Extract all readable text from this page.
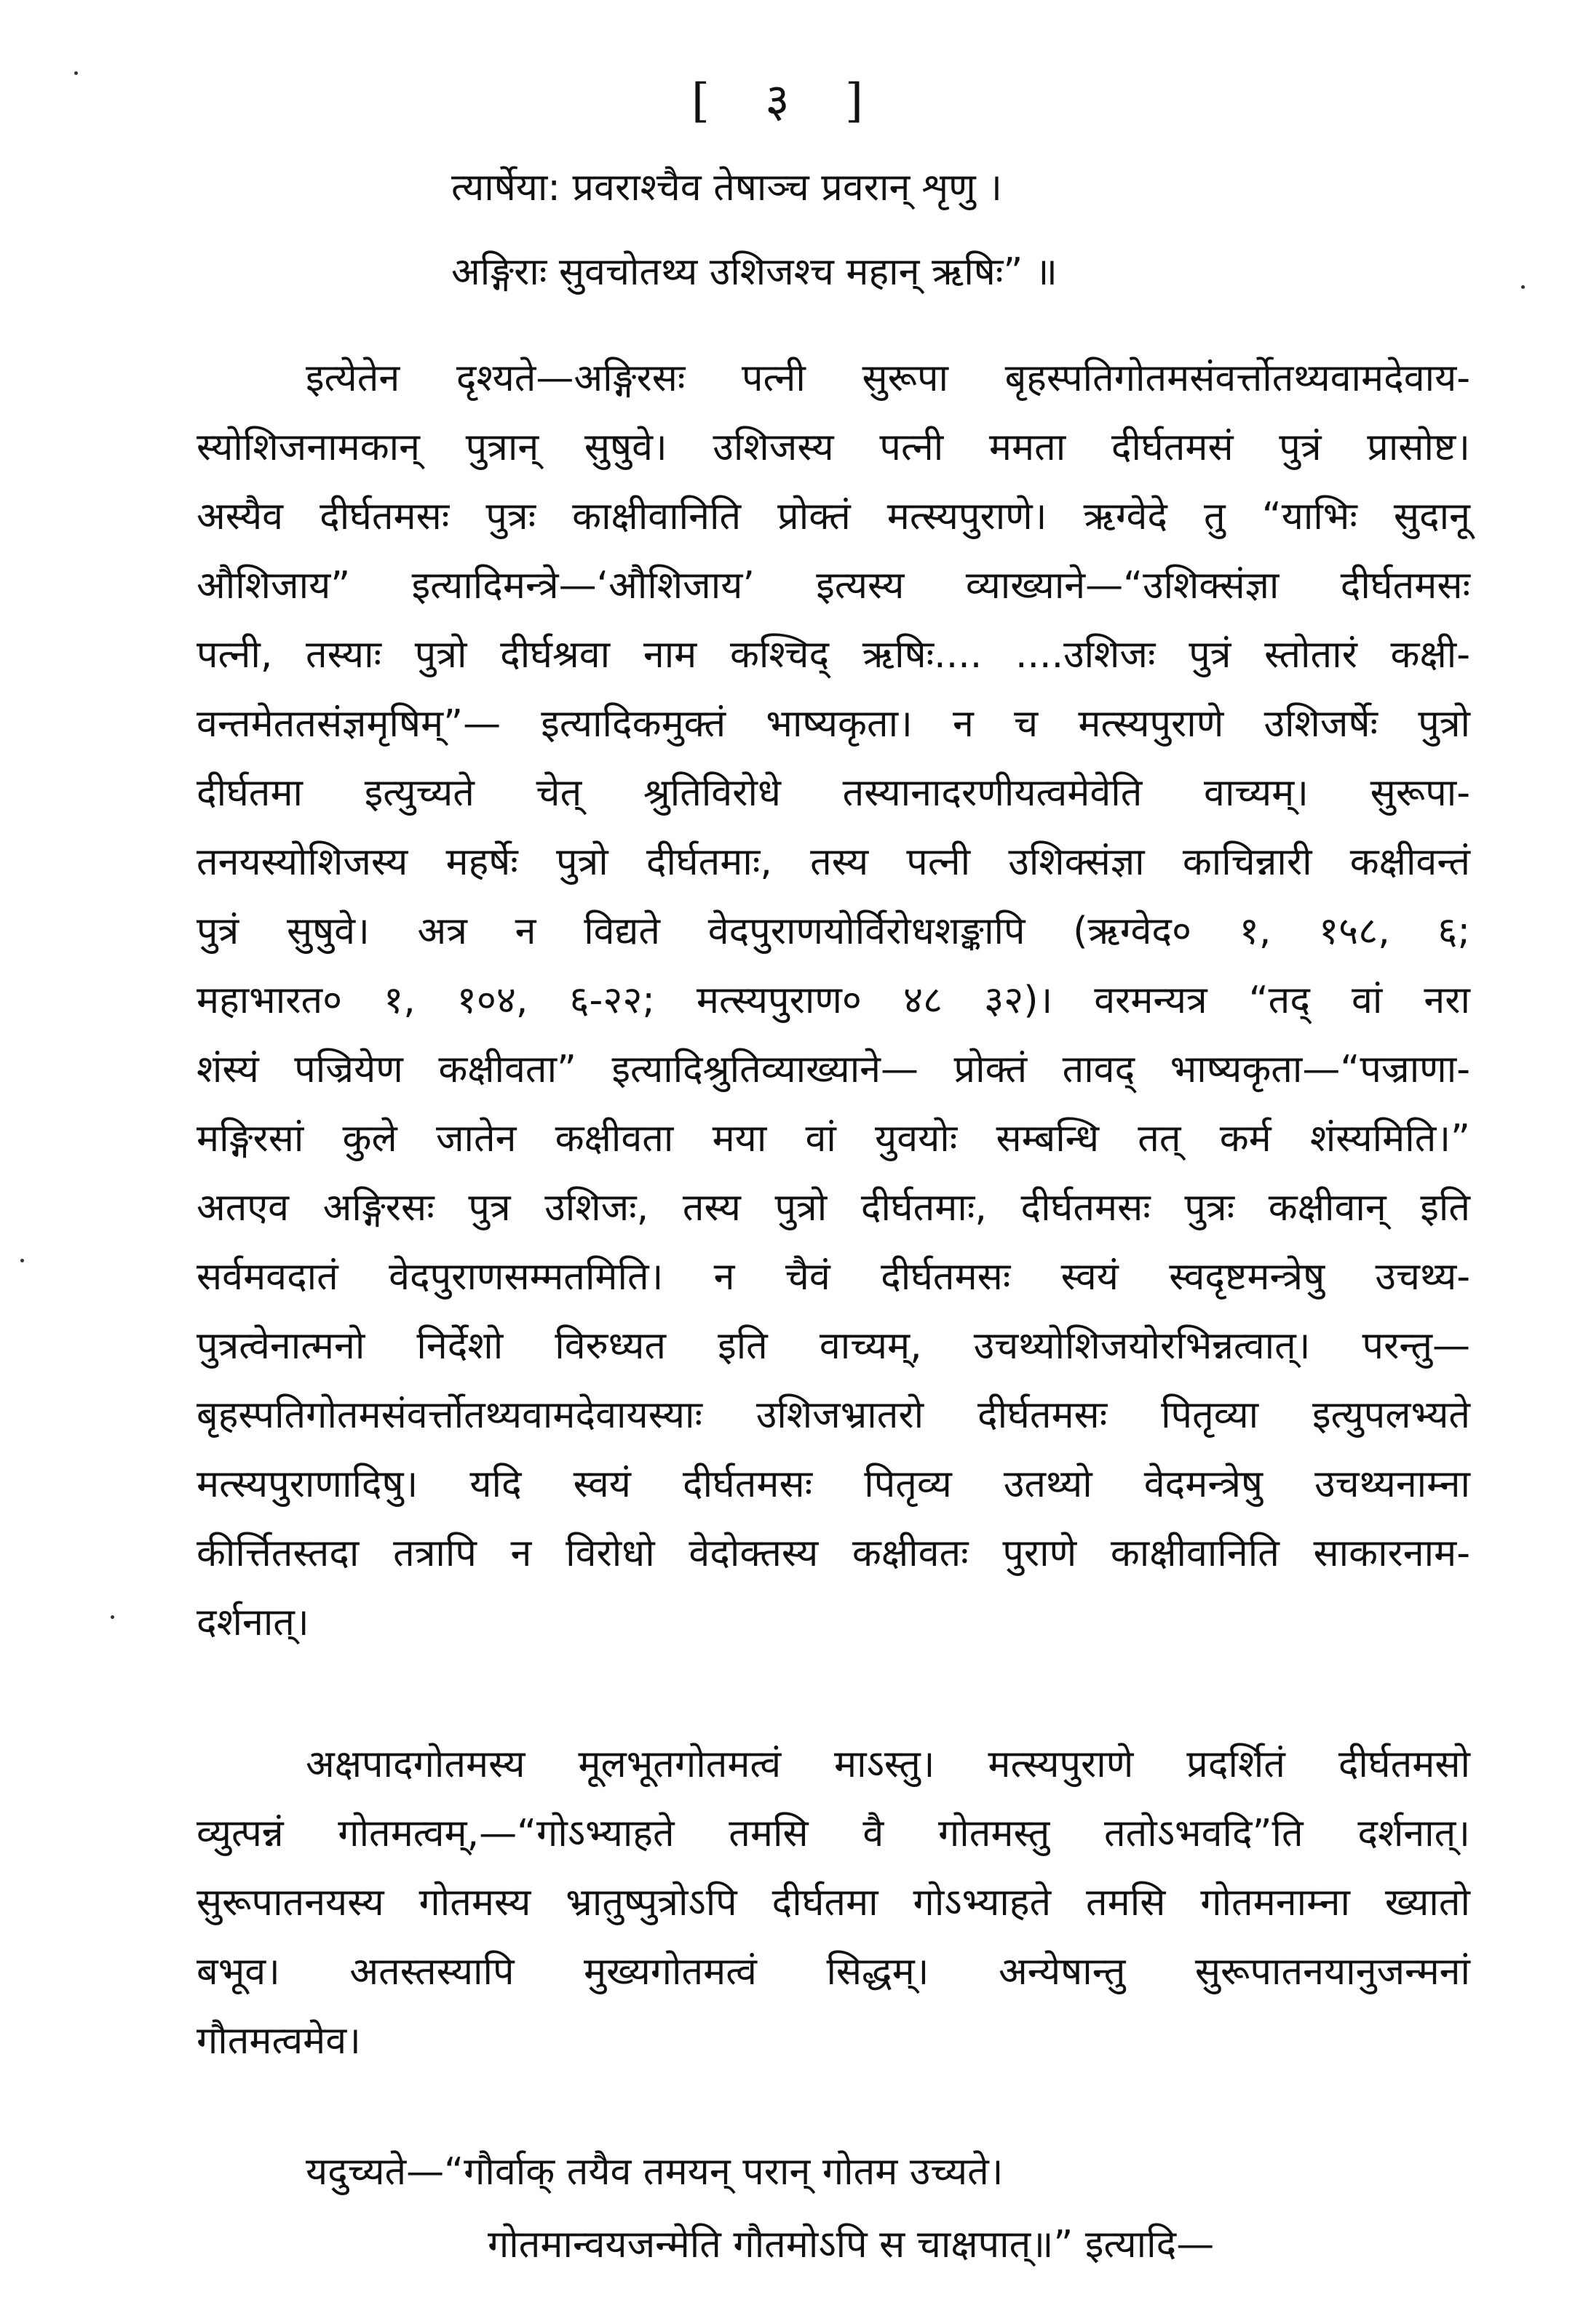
[ ३ ]
त्यार्षेया: प्रवराश्चैव तेषाञ्च प्रवरान् शृणु ।
अङ्गिराः सुवचोतथ्य उशिजश्च महान् ऋषिः” ॥
इत्येतेन दृश्यते—अङ्गिरसः पत्नी सुरूपा बृहस्पतिगोतमसंवर्त्तोतथ्यवामदेवाय-
स्योशिजनामकान् पुत्रान् सुषुवे। उशिजस्य पत्नी ममता दीर्घतमसं पुत्रं प्रासोष्ट।
अस्यैव दीर्घतमसः पुत्रः काक्षीवानिति प्रोक्तं मत्स्यपुराणे। ऋग्वेदे तु “याभिः सुदानू
औशिजाय” इत्यादिमन्त्रे—‘औशिजाय’ इत्यस्य व्याख्याने—“उशिक्संज्ञा दीर्घतमसः
पत्नी, तस्याः पुत्रो दीर्घश्रवा नाम कश्चिद् ऋषिः.... ....उशिजः पुत्रं स्तोतारं कक्षी-
वन्तमेततसंज्ञमृषिम्”— इत्यादिकमुक्तं भाष्यकृता। न च मत्स्यपुराणे उशिजर्षेः पुत्रो
दीर्घतमा इत्युच्यते चेत् श्रुतिविरोधे तस्यानादरणीयत्वमेवेति वाच्यम्। सुरूपा-
तनयस्योशिजस्य महर्षेः पुत्रो दीर्घतमाः, तस्य पत्नी उशिक्संज्ञा काचिन्नारी कक्षीवन्तं
पुत्रं सुषुवे। अत्र न विद्यते वेदपुराणयोर्विरोधशङ्कापि (ऋग्वेद० १, १५८, ६;
महाभारत० १, १०४, ६-२२; मत्स्यपुराण० ४८ ३२)। वरमन्यत्र “तद् वां नरा
शंस्यं पज्रियेण कक्षीवता” इत्यादिश्रुतिव्याख्याने— प्रोक्तं तावद् भाष्यकृता—“पज्राणा-
मङ्गिरसां कुले जातेन कक्षीवता मया वां युवयोः सम्बन्धि तत् कर्म शंस्यमिति।”
अतएव अङ्गिरसः पुत्र उशिजः, तस्य पुत्रो दीर्घतमाः, दीर्घतमसः पुत्रः कक्षीवान् इति
सर्वमवदातं वेदपुराणसम्मतमिति। न चैवं दीर्घतमसः स्वयं स्वदृष्टमन्त्रेषु उचथ्य-
पुत्रत्वेनात्मनो निर्देशो विरुध्यत इति वाच्यम्, उचथ्योशिजयोरभिन्नत्वात्। परन्तु—
बृहस्पतिगोतमसंवर्त्तोतथ्यवामदेवायस्याः उशिजभ्रातरो दीर्घतमसः पितृव्या इत्युपलभ्यते
मत्स्यपुराणादिषु। यदि स्वयं दीर्घतमसः पितृव्य उतथ्यो वेदमन्त्रेषु उचथ्यनाम्ना
कीर्त्तितस्तदा तत्रापि न विरोधो वेदोक्तस्य कक्षीवतः पुराणे काक्षीवानिति साकारनाम-
दर्शनात्।
अक्षपादगोतमस्य मूलभूतगोतमत्वं माऽस्तु। मत्स्यपुराणे प्रदर्शितं दीर्घतमसो
व्युत्पन्नं गोतमत्वम्,—“गोऽभ्याहते तमसि वै गोतमस्तु ततोऽभवदि”ति दर्शनात्।
सुरूपातनयस्य गोतमस्य भ्रातुष्पुत्रोऽपि दीर्घतमा गोऽभ्याहते तमसि गोतमनाम्ना ख्यातो
बभूव। अतस्तस्यापि मुख्यगोतमत्वं सिद्धम्। अन्येषान्तु सुरूपातनयानुजन्मनां
गौतमत्वमेव।
यदुच्यते—“गौर्वाक् तयैव तमयन् परान् गोतम उच्यते।
गोतमान्वयजन्मेति गौतमोऽपि स चाक्षपात्॥” इत्यादि—
